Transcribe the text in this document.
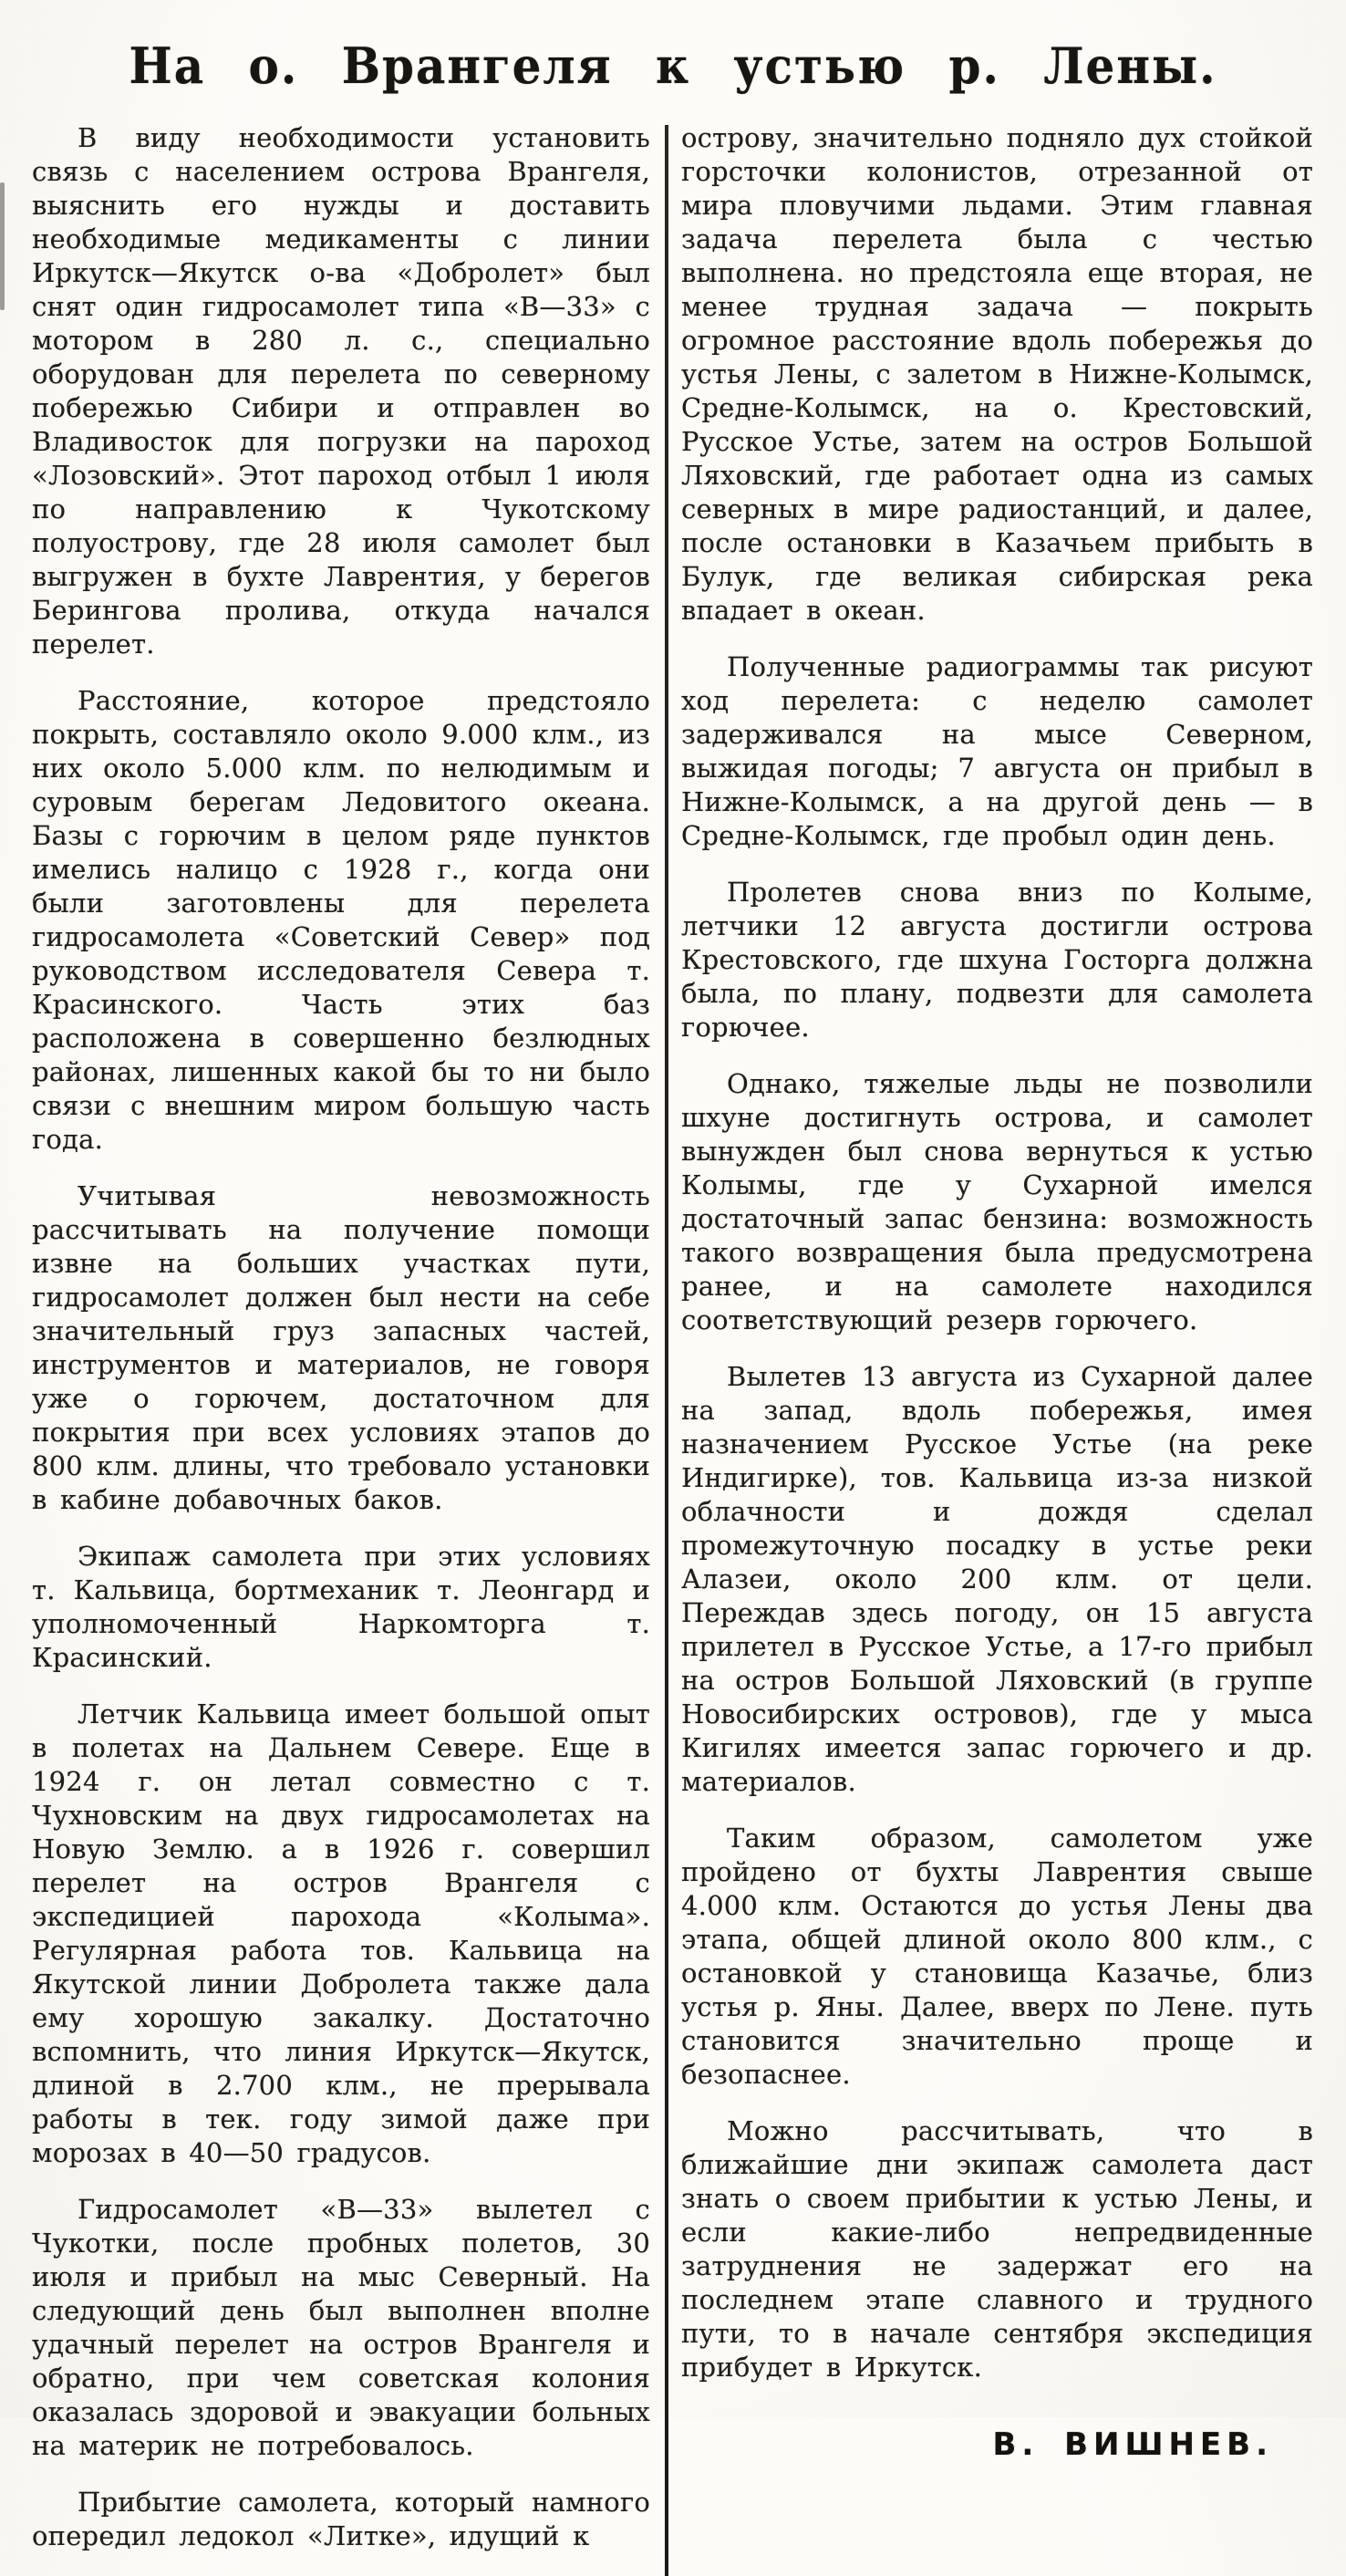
На о. Врангеля к устью р. Лены.

В виду необходимости установить связь с населением острова Врангеля, выяснить его нужды и доставить необходимые медикаменты с линии Иркутск—Якутск о-ва «Добролет» был снят один гидросамолет типа «В—33» с мотором в 280 л. с., специально оборудован для перелета по северному побережью Сибири и отправлен во Владивосток для погрузки на пароход «Лозовский». Этот пароход отбыл 1 июля по направлению к Чукотскому полуострову, где 28 июля самолет был выгружен в бухте Лаврентия, у берегов Берингова пролива, откуда начался перелет.

Расстояние, которое предстояло покрыть, составляло около 9.000 клм., из них около 5.000 клм. по нелюдимым и суровым берегам Ледовитого океана. Базы с горючим в целом ряде пунктов имелись налицо с 1928 г., когда они были заготовлены для перелета гидросамолета «Советский Север» под руководством исследователя Севера т. Красинского. Часть этих баз расположена в совершенно безлюдных районах, лишенных какой бы то ни было связи с внешним миром большую часть года.

Учитывая невозможность рассчитывать на получение помощи извне на больших участках пути, гидросамолет должен был нести на себе значительный груз запасных частей, инструментов и материалов, не говоря уже о горючем, достаточном для покрытия при всех условиях этапов до 800 клм. длины, что требовало установки в кабине добавочных баков.

Экипаж самолета при этих условиях т. Кальвица, бортмеханик т. Леонгард и уполномоченный Наркомторга т. Красинский.

Летчик Кальвица имеет большой опыт в полетах на Дальнем Севере. Еще в 1924 г. он летал совместно с т. Чухновским на двух гидросамолетах на Новую Землю. а в 1926 г. совершил перелет на остров Врангеля с экспедицией парохода «Колыма». Регулярная работа тов. Кальвица на Якутской линии Добролета также дала ему хорошую закалку. Достаточно вспомнить, что линия Иркутск—Якутск, длиной в 2.700 клм., не прерывала работы в тек. году зимой даже при морозах в 40—50 градусов.

Гидросамолет «В—33» вылетел с Чукотки, после пробных полетов, 30 июля и прибыл на мыс Северный. На следующий день был выполнен вполне удачный перелет на остров Врангеля и обратно, при чем советская колония оказалась здоровой и эвакуации больных на материк не потребовалось.

Прибытие самолета, который намного опередил ледокол «Литке», идущий к

острову, значительно подняло дух стойкой горсточки колонистов, отрезанной от мира пловучими льдами. Этим главная задача перелета была с честью выполнена. но предстояла еще вторая, не менее трудная задача — покрыть огромное расстояние вдоль побережья до устья Лены, с залетом в Нижне-Колымск, Средне-Колымск, на о. Крестовский, Русское Устье, затем на остров Большой Ляховский, где работает одна из самых северных в мире радиостанций, и далее, после остановки в Казачьем прибыть в Булук, где великая сибирская река впадает в океан.

Полученные радиограммы так рисуют ход перелета: с неделю самолет задерживался на мысе Северном, выжидая погоды; 7 августа он прибыл в Нижне-Колымск, а на другой день — в Средне-Колымск, где пробыл один день.

Пролетев снова вниз по Колыме, летчики 12 августа достигли острова Крестовского, где шхуна Госторга должна была, по плану, подвезти для самолета горючее.

Однако, тяжелые льды не позволили шхуне достигнуть острова, и самолет вынужден был снова вернуться к устью Колымы, где у Сухарной имелся достаточный запас бензина: возможность такого возвращения была предусмотрена ранее, и на самолете находился соответствующий резерв горючего.

Вылетев 13 августа из Сухарной далее на запад, вдоль побережья, имея назначением Русское Устье (на реке Индигирке), тов. Кальвица из-за низкой облачности и дождя сделал промежуточную посадку в устье реки Алазеи, около 200 клм. от цели. Переждав здесь погоду, он 15 августа прилетел в Русское Устье, а 17-го прибыл на остров Большой Ляховский (в группе Новосибирских островов), где у мыса Кигилях имеется запас горючего и др. материалов.

Таким образом, самолетом уже пройдено от бухты Лаврентия свыше 4.000 клм. Остаются до устья Лены два этапа, общей длиной около 800 клм., с остановкой у становища Казачье, близ устья р. Яны. Далее, вверх по Лене. путь становится значительно проще и безопаснее.

Можно рассчитывать, что в ближайшие дни экипаж самолета даст знать о своем прибытии к устью Лены, и если какие-либо непредвиденные затруднения не задержат его на последнем этапе славного и трудного пути, то в начале сентября экспедиция прибудет в Иркутск.

В. ВИШНЕВ.
